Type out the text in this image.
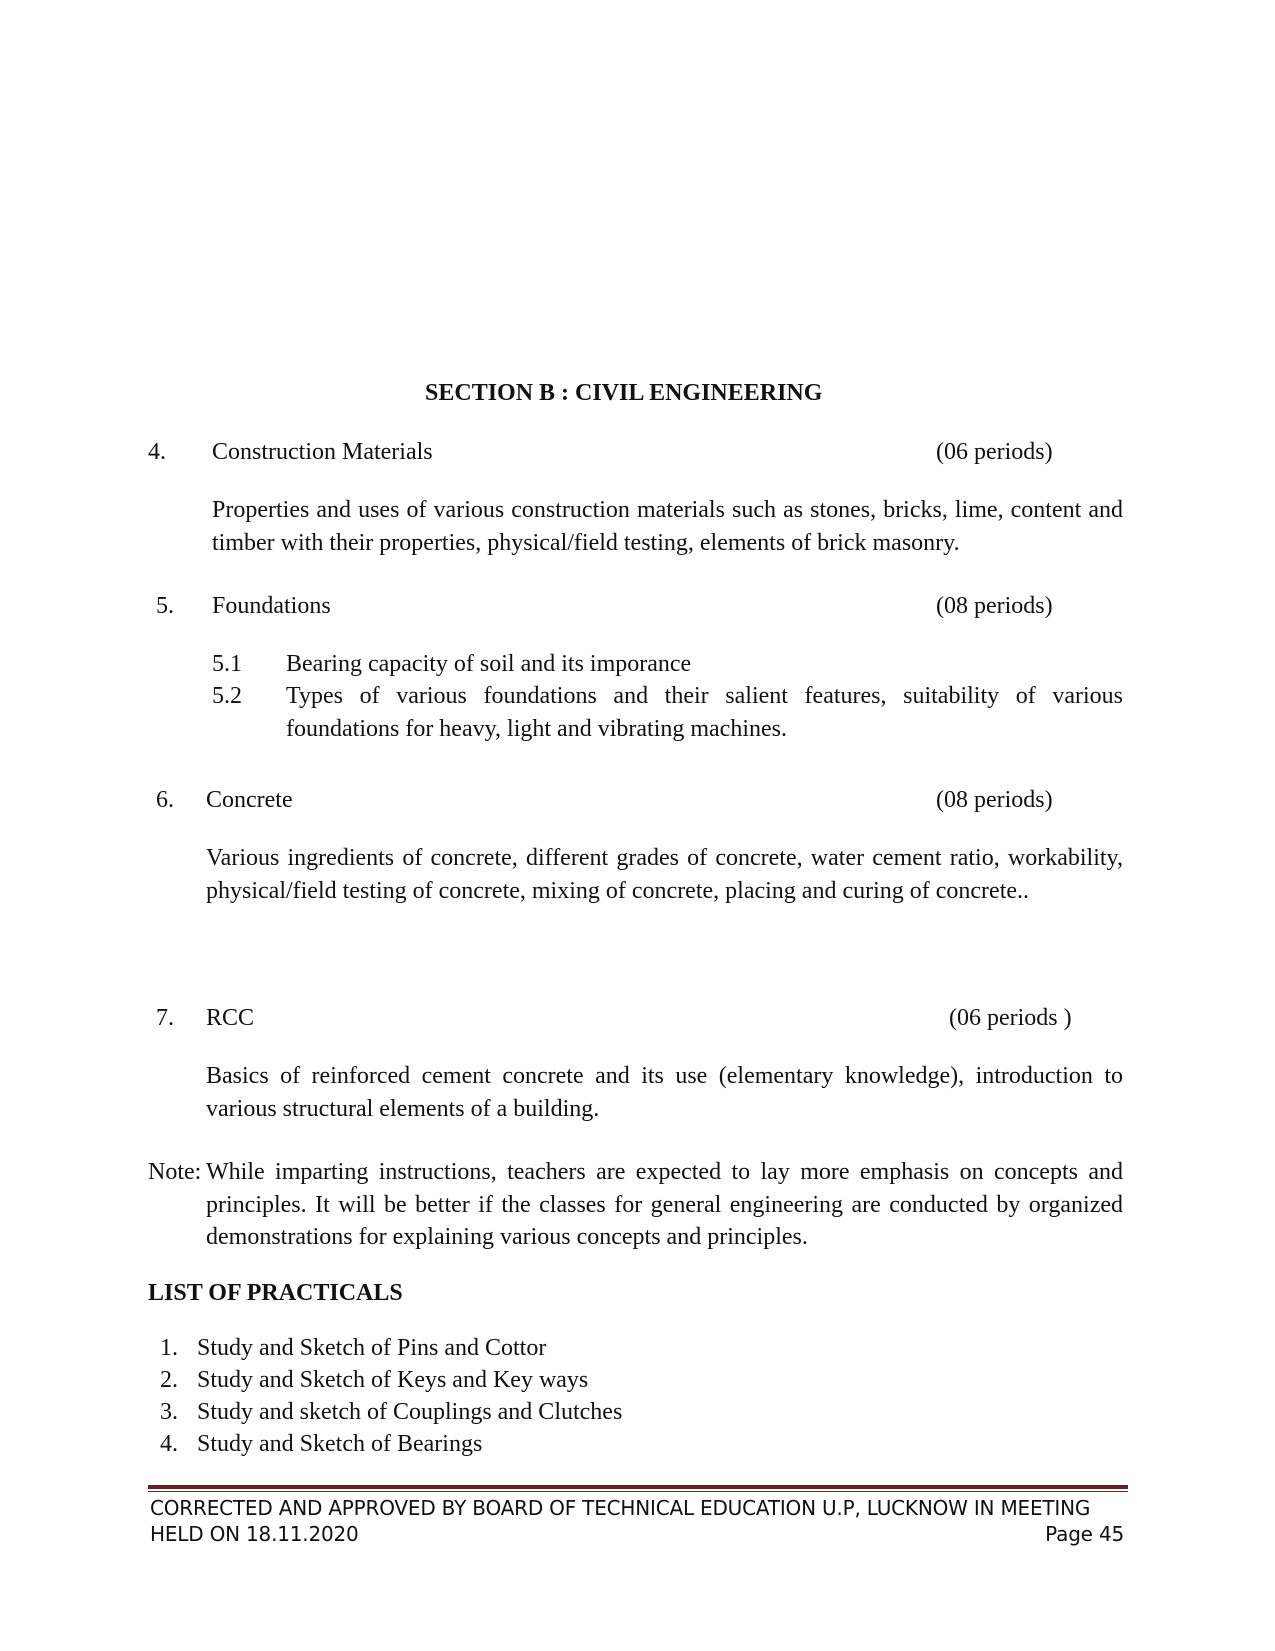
SECTION B : CIVIL ENGINEERING
4. Construction Materials	(06 periods)
Properties and uses of various construction materials such as stones, bricks, lime, content and timber with their properties, physical/field testing, elements of brick masonry.
5. Foundations	(08 periods)
5.1 Bearing capacity of soil and its imporance
5.2 Types of various foundations and their salient features, suitability of various foundations for heavy, light and vibrating machines.
6. Concrete	(08 periods)
Various ingredients of concrete, different grades of concrete, water cement ratio, workability, physical/field testing of concrete, mixing of concrete, placing and curing of concrete..
7. RCC	(06 periods )
Basics of reinforced cement concrete and its use (elementary knowledge), introduction to various structural elements of a building.
Note: While imparting instructions, teachers are expected to lay more emphasis on concepts and principles. It will be better if the classes for general engineering are conducted by organized demonstrations for explaining various concepts and principles.
LIST OF PRACTICALS
1. Study and Sketch of Pins and Cottor
2. Study and Sketch of Keys and Key ways
3. Study and sketch of Couplings and Clutches
4. Study and Sketch of Bearings
CORRECTED AND APPROVED BY BOARD OF TECHNICAL EDUCATION U.P, LUCKNOW IN MEETING
HELD ON 18.11.2020	Page 45
